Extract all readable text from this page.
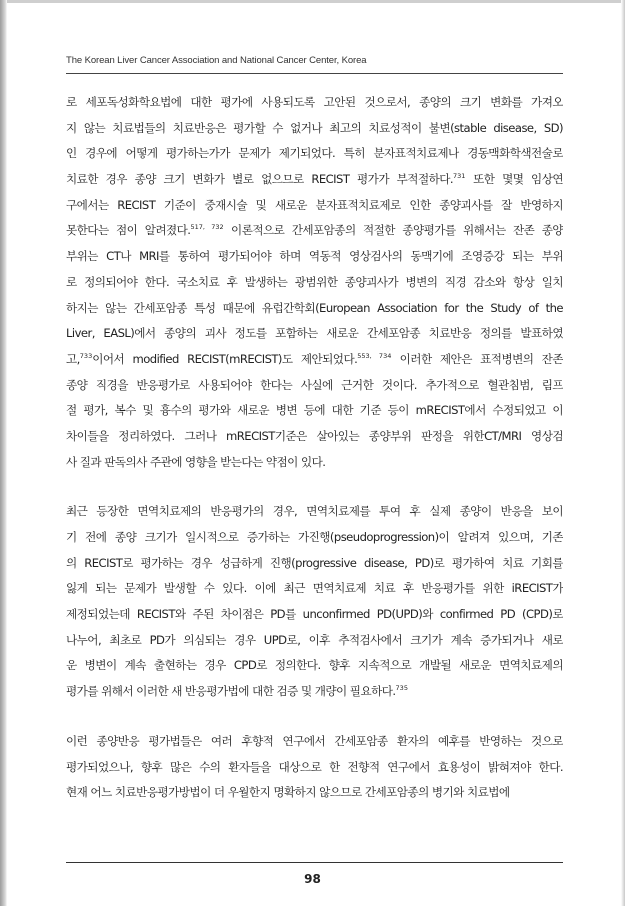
The Korean Liver Cancer Association and National Cancer Center, Korea
로 세포독성화학요법에 대한 평가에 사용되도록 고안된 것으로서, 종양의 크기 변화를 가져오
지 않는 치료법들의 치료반응은 평가할 수 없거나 최고의 치료성적이 불변(stable disease, SD)
인 경우에 어떻게 평가하는가가 문제가 제기되었다. 특히 분자표적치료제나 경동맥화학색전술로
치료한 경우 종양 크기 변화가 별로 없으므로 RECIST 평가가 부적절하다.$^{731}$ 또한 몇몇 임상연
구에서는 RECIST 기준이 중재시술 및 새로운 분자표적치료제로 인한 종양괴사를 잘 반영하지
못한다는 점이 알려졌다.$^{517, 732}$ 이론적으로 간세포암종의 적절한 종양평가를 위해서는 잔존 종양
부위는 CT나 MRI를 통하여 평가되어야 하며 역동적 영상검사의 동맥기에 조영증강 되는 부위
로 정의되어야 한다. 국소치료 후 발생하는 광범위한 종양괴사가 병변의 직경 감소와 항상 일치
하지는 않는 간세포암종 특성 때문에 유럽간학회(European Association for the Study of the
Liver, EASL)에서 종양의 괴사 정도를 포함하는 새로운 간세포암종 치료반응 정의를 발표하였
고,$^{733}$이어서 modified RECIST(mRECIST)도 제안되었다.$^{553, 734}$ 이러한 제안은 표적병변의 잔존
종양 직경을 반응평가로 사용되어야 한다는 사실에 근거한 것이다. 추가적으로 혈관침범, 림프
절 평가, 복수 및 흉수의 평가와 새로운 병변 등에 대한 기준 등이 mRECIST에서 수정되었고 이
차이들을 정리하였다. 그러나 mRECIST기준은 살아있는 종양부위 판정을 위한CT/MRI 영상검
사 질과 판독의사 주관에 영향을 받는다는 약점이 있다.
최근 등장한 면역치료제의 반응평가의 경우, 면역치료제를 투여 후 실제 종양이 반응을 보이
기 전에 종양 크기가 일시적으로 증가하는 가진행(pseudoprogression)이 알려져 있으며, 기존
의 RECIST로 평가하는 경우 성급하게 진행(progressive disease, PD)로 평가하여 치료 기회를
잃게 되는 문제가 발생할 수 있다. 이에 최근 면역치료제 치료 후 반응평가를 위한 iRECIST가
제정되었는데 RECIST와 주된 차이점은 PD를 unconfirmed PD(UPD)와 confirmed PD (CPD)로
나누어, 최초로 PD가 의심되는 경우 UPD로, 이후 추적검사에서 크기가 계속 증가되거나 새로
운 병변이 계속 출현하는 경우 CPD로 정의한다. 향후 지속적으로 개발될 새로운 면역치료제의
평가를 위해서 이러한 새 반응평가법에 대한 검증 및 개량이 필요하다.$^{735}$
이런 종양반응 평가법들은 여러 후향적 연구에서 간세포암종 환자의 예후를 반영하는 것으로
평가되었으나, 향후 많은 수의 환자들을 대상으로 한 전향적 연구에서 효용성이 밝혀져야 한다.
현재 어느 치료반응평가방법이 더 우월한지 명확하지 않으므로 간세포암종의 병기와 치료법에
98
